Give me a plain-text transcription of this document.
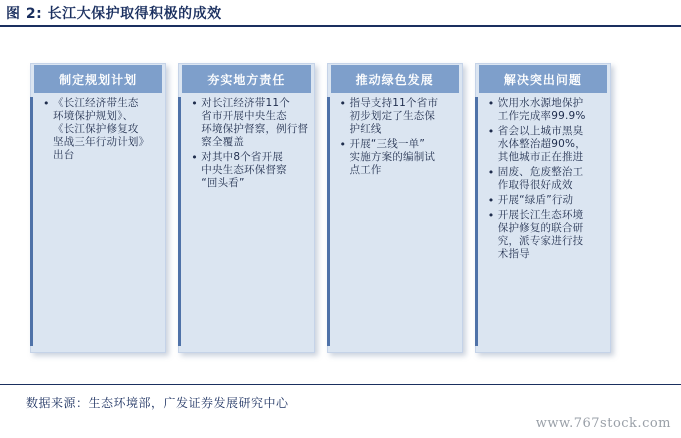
图 2: 长江大保护取得积极的成效
制定规划计划
• 《长江经济带生态
环境保护规划》、
《长江保护修复攻
坚战三年行动计划》
出台
夯实地方责任
• 对长江经济带11个
省市开展中央生态
环境保护督察，例行督
察全覆盖
• 对其中8个省开展
中央生态环保督察
“回头看”
推动绿色发展
• 指导支持11个省市
初步划定了生态保
护红线
• 开展“三线一单”
实施方案的编制试
点工作
解决突出问题
• 饮用水水源地保护
工作完成率99.9%
• 省会以上城市黑臭
水体整治超90%，
其他城市正在推进
• 固废、危废整治工
作取得很好成效
• 开展“绿盾”行动
• 开展长江生态环境
保护修复的联合研
究，派专家进行技
术指导
数据来源：生态环境部，广发证券发展研究中心
www.767stock.com
